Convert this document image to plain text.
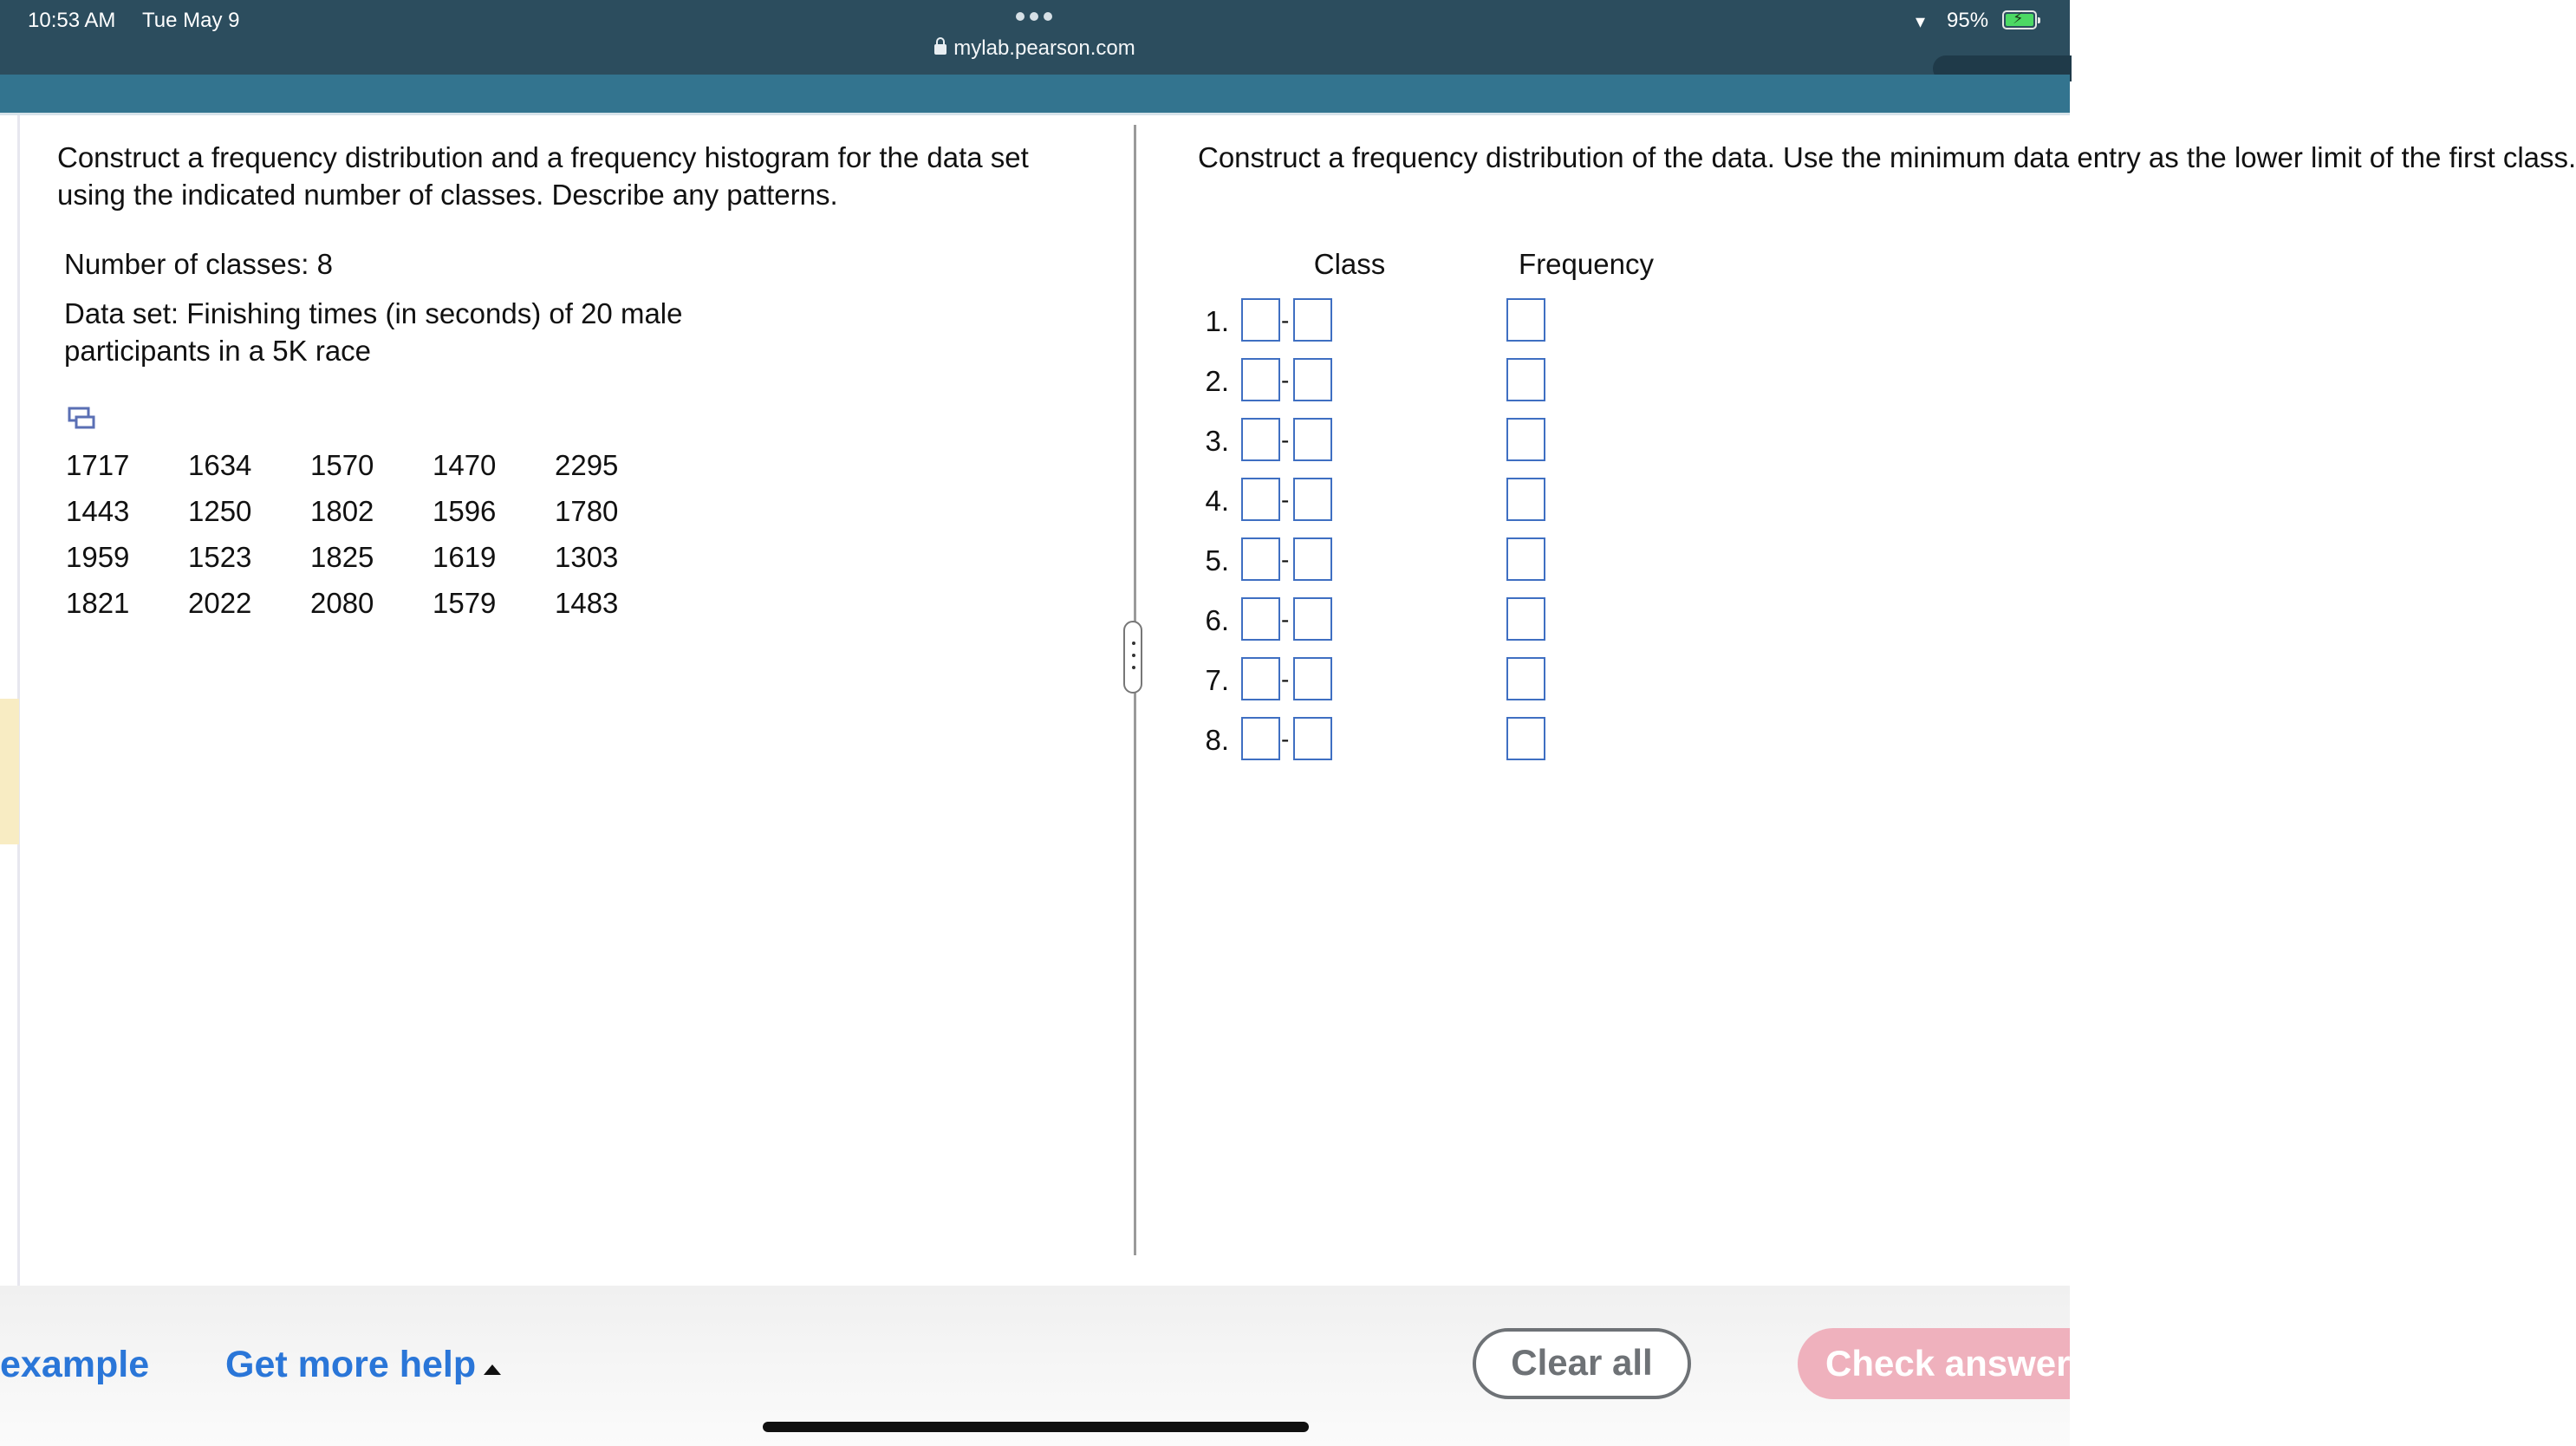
10:53 AM Tue May 9
mylab.pearson.com
▾ 95% ⚡
Construct a frequency distribution and a frequency histogram for the data set using the indicated number of classes. Describe any patterns.
Number of classes: 8
Data set: Finishing times (in seconds) of 20 male participants in a 5K race
1717	1634	1570	1470	2295
1443	1250	1802	1596	1780
1959	1523	1825	1619	1303
1821	2022	2080	1579	1483
Construct a frequency distribution of the data. Use the minimum data entry as the lower limit of the first class.
Class	Frequency
1. -
2. -
3. -
4. -
5. -
6. -
7. -
8. -
example Get more help	Clear all	Check answer
